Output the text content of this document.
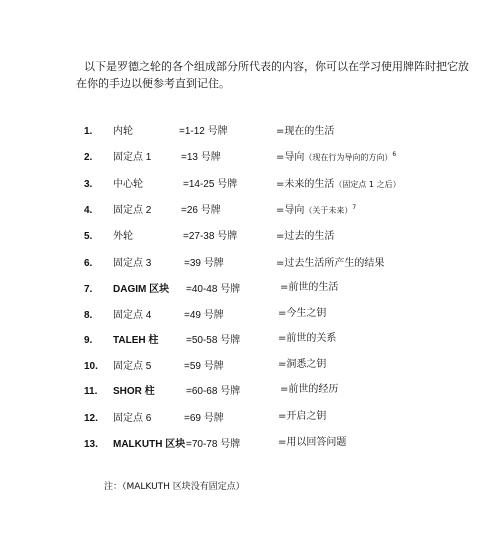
以下是罗德之轮的各个组成部分所代表的内容，你可以在学习使用牌阵时把它放在你的手边以便参考直到记住。

1. 内轮	=1-12 号牌	=现在的生活
2. 固定点 1	=13 号牌	=导向（现在行为导向的方向）$^6$
3. 中心轮	=14-25 号牌	=未来的生活（固定点 1 之后）
4. 固定点 2	=26 号牌	=导向（关于未来）$^7$
5. 外轮	=27-38 号牌	=过去的生活
6. 固定点 3	=39 号牌	=过去生活所产生的结果
7. DAGIM 区块 =40-48 号牌	=前世的生活
8. 固定点 4	=49 号牌	=今生之钥
9. TALEH 柱	=50-58 号牌	=前世的关系
10. 固定点 5	=59 号牌	=洞悉之钥
11. SHOR 柱	=60-68 号牌	=前世的经历
12. 固定点 6	=69 号牌	=开启之钥
13. MALKUTH 区块 =70-78 号牌	=用以回答问题
注：（MALKUTH 区块没有固定点）
